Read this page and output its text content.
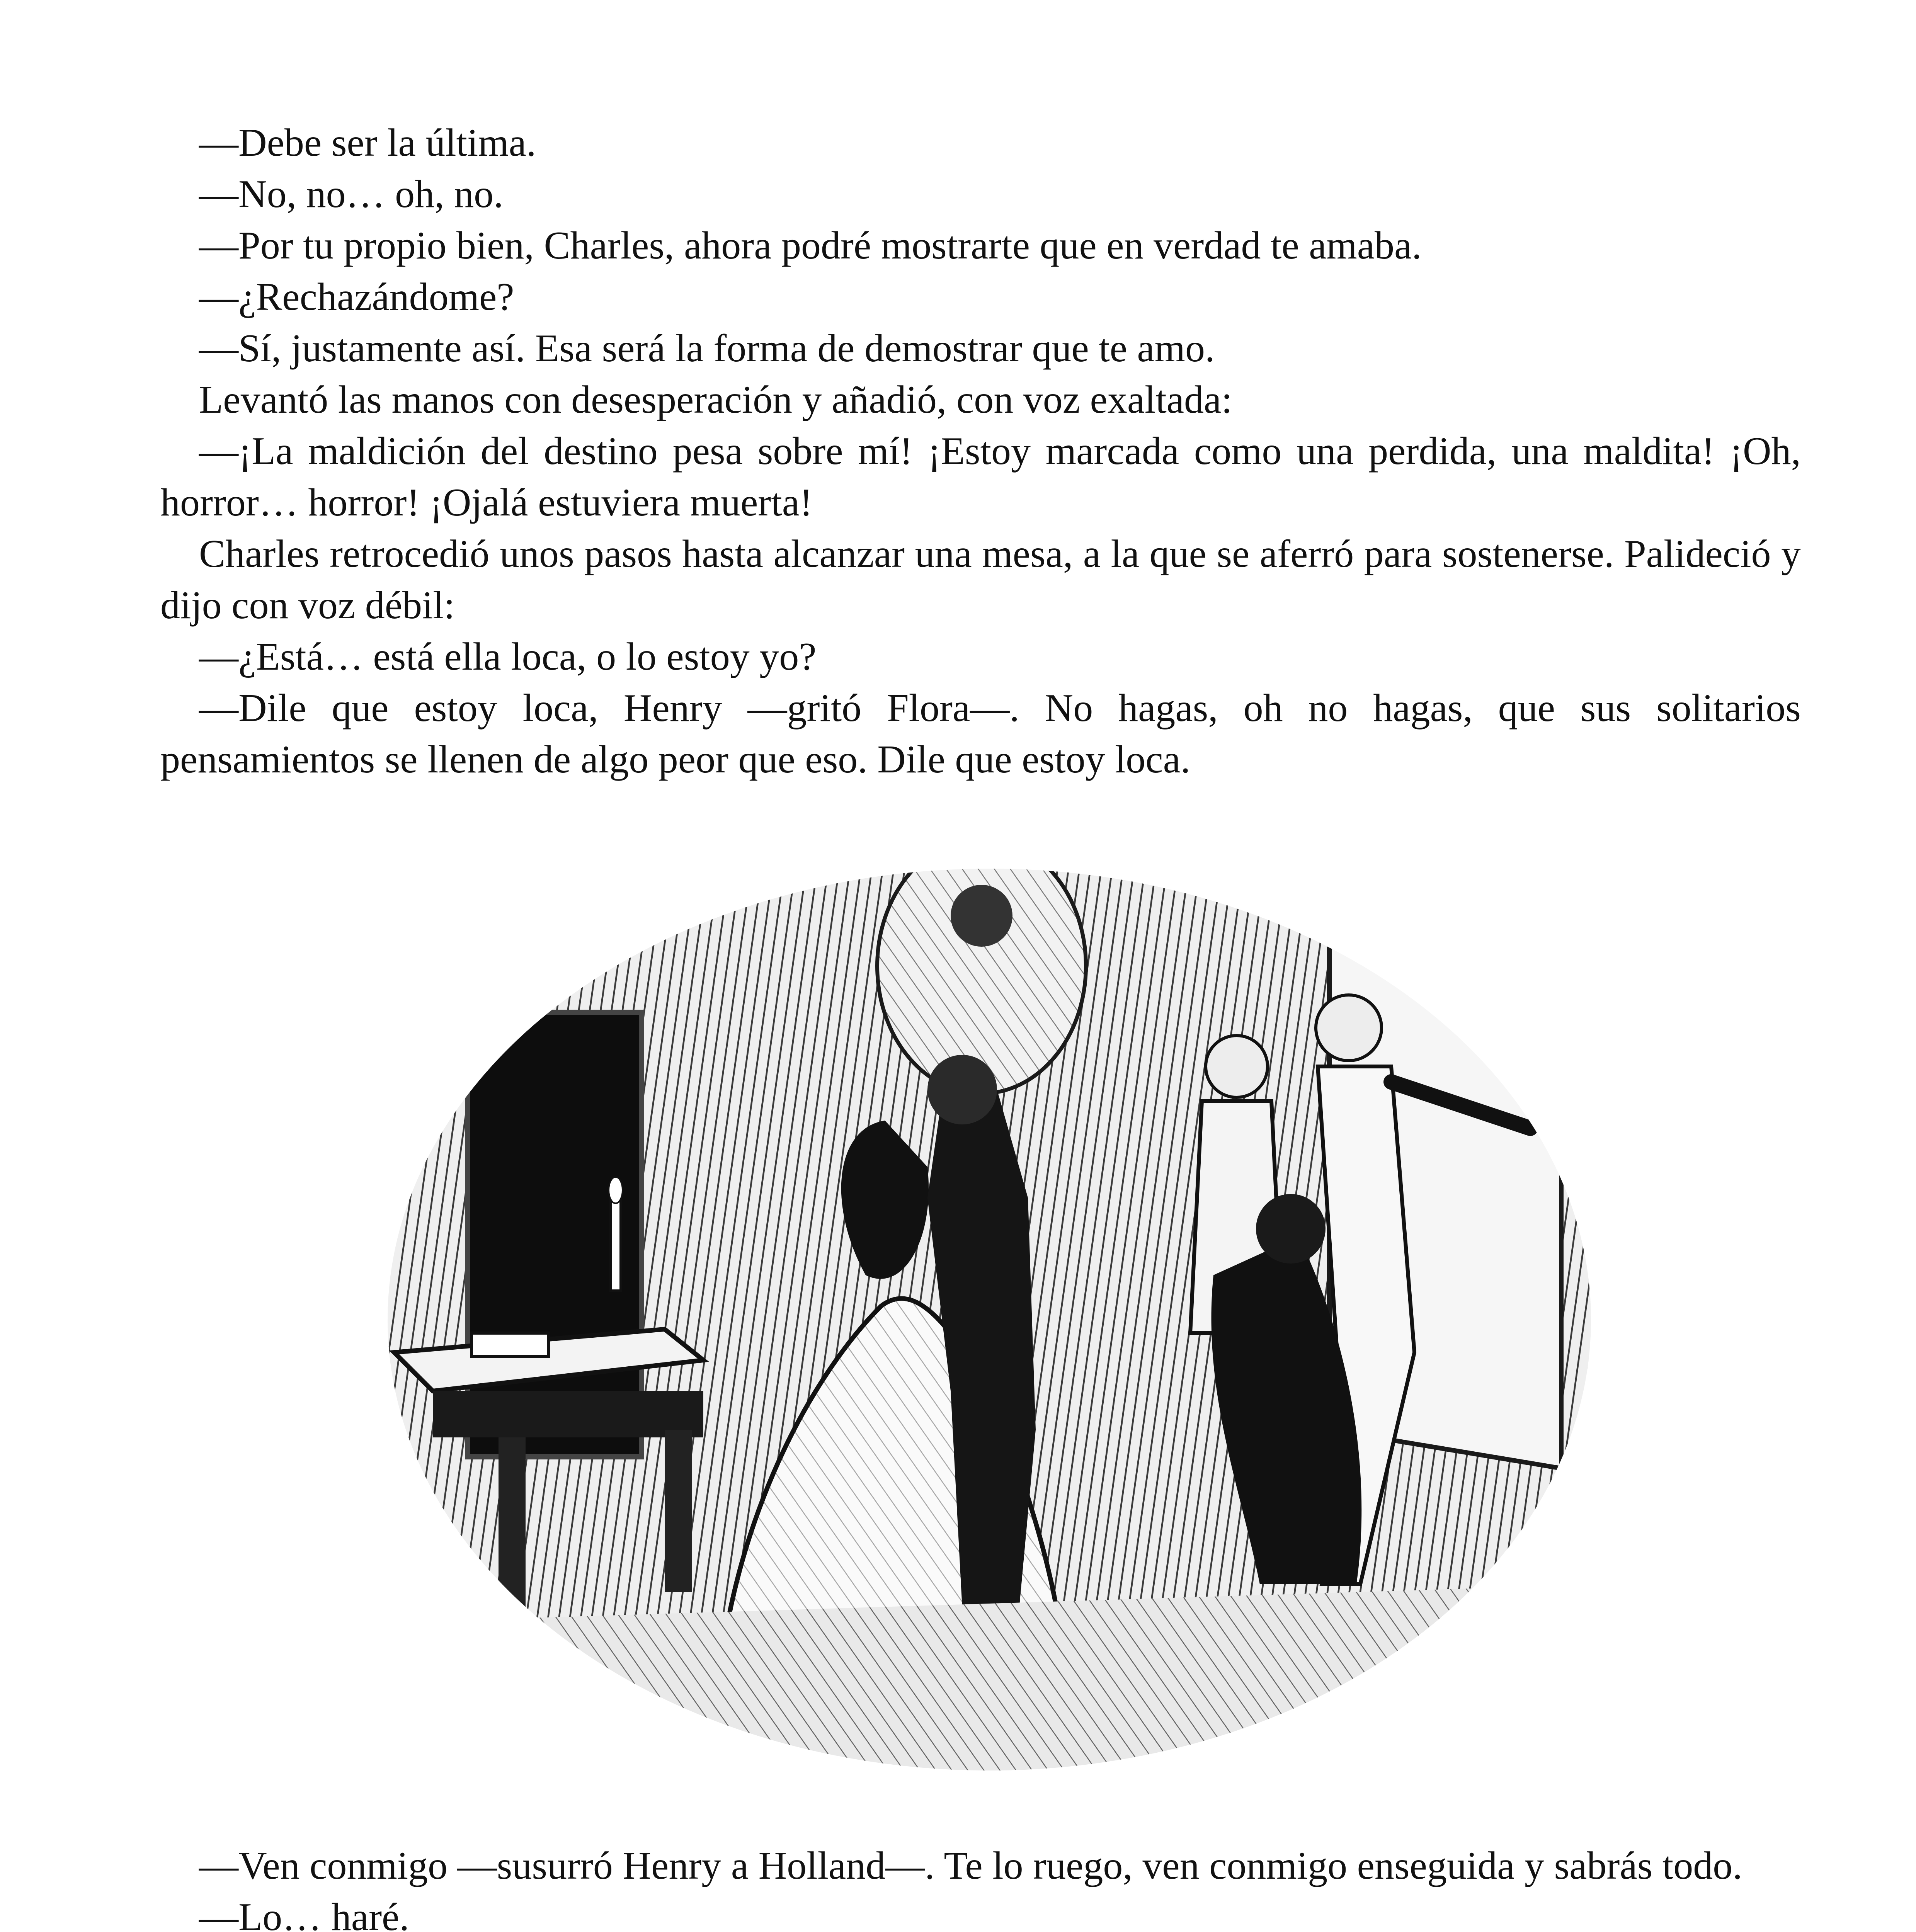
—Debe ser la última.

—No, no… oh, no.

—Por tu propio bien, Charles, ahora podré mostrarte que en verdad te amaba.

—¿Rechazándome?

—Sí, justamente así. Esa será la forma de demostrar que te amo.

Levantó las manos con desesperación y añadió, con voz exaltada:

—¡La maldición del destino pesa sobre mí! ¡Estoy marcada como una perdida, una maldita! ¡Oh, horror… horror! ¡Ojalá estuviera muerta!

Charles retrocedió unos pasos hasta alcanzar una mesa, a la que se aferró para sostenerse. Palideció y dijo con voz débil:

—¿Está… está ella loca, o lo estoy yo?

—Dile que estoy loca, Henry —gritó Flora—. No hagas, oh no hagas, que sus solitarios pensamientos se llenen de algo peor que eso. Dile que estoy loca.

—Ven conmigo —susurró Henry a Holland—. Te lo ruego, ven conmigo enseguida y sabrás todo.

—Lo… haré.
